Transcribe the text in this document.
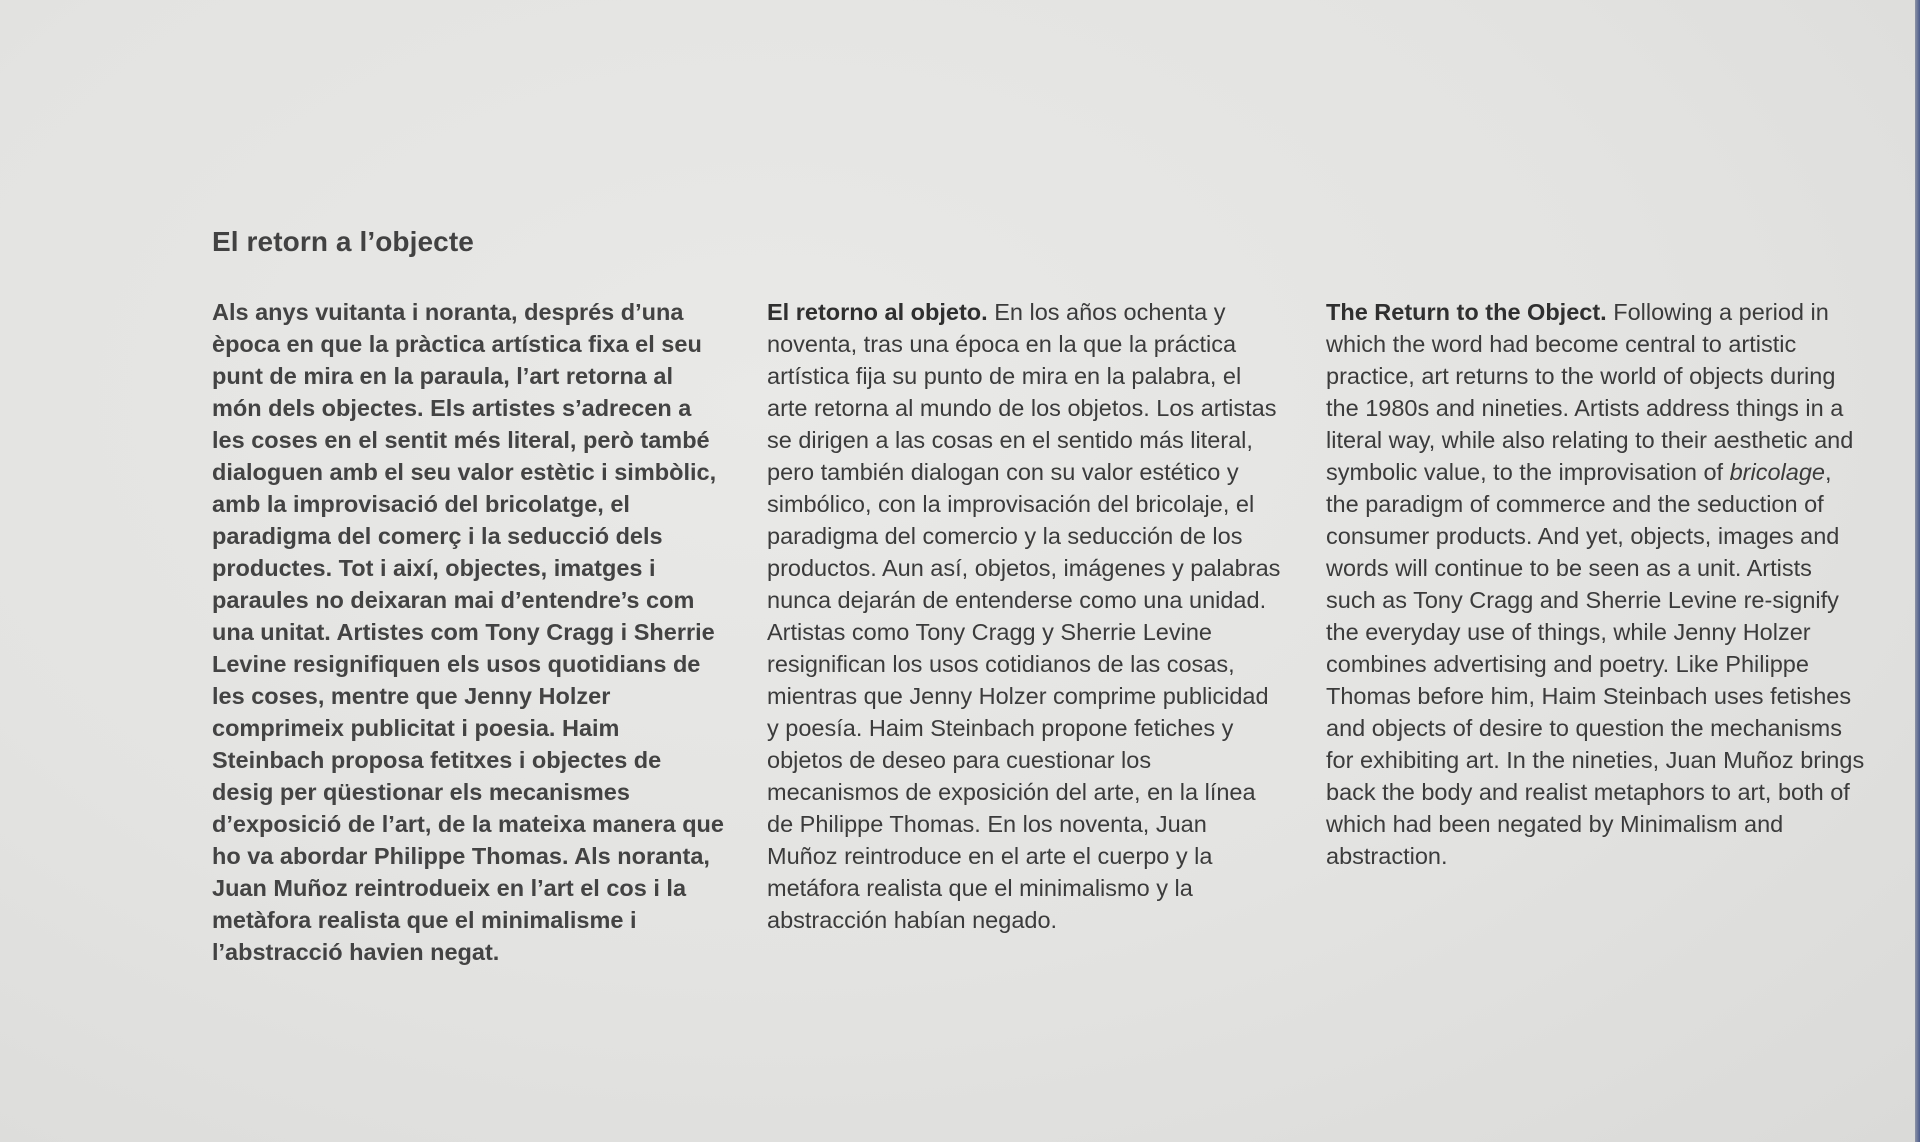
El retorn a l’objecte

Als anys vuitanta i noranta, després d’una època en que la pràctica artística fixa el seu punt de mira en la paraula, l’art retorna al món dels objectes. Els artistes s’adrecen a les coses en el sentit més literal, però també dialoguen amb el seu valor estètic i simbòlic, amb la improvisació del bricolatge, el paradigma del comerç i la seducció dels productes. Tot i així, objectes, imatges i paraules no deixaran mai d’entendre’s com una unitat. Artistes com Tony Cragg i Sherrie Levine resignifiquen els usos quotidians de les coses, mentre que Jenny Holzer comprimeix publicitat i poesia. Haim Steinbach proposa fetitxes i objectes de desig per qüestionar els mecanismes d’exposició de l’art, de la mateixa manera que ho va abordar Philippe Thomas. Als noranta, Juan Muñoz reintrodueix en l’art el cos i la metàfora realista que el minimalisme i l’abstracció havien negat.

El retorno al objeto. En los años ochenta y noventa, tras una época en la que la práctica artística fija su punto de mira en la palabra, el arte retorna al mundo de los objetos. Los artistas se dirigen a las cosas en el sentido más literal, pero también dialogan con su valor estético y simbólico, con la improvisación del bricolaje, el paradigma del comercio y la seducción de los productos. Aun así, objetos, imágenes y palabras nunca dejarán de entenderse como una unidad. Artistas como Tony Cragg y Sherrie Levine resignifican los usos cotidianos de las cosas, mientras que Jenny Holzer comprime publicidad y poesía. Haim Steinbach propone fetiches y objetos de deseo para cuestionar los mecanismos de exposición del arte, en la línea de Philippe Thomas. En los noventa, Juan Muñoz reintroduce en el arte el cuerpo y la metáfora realista que el minimalismo y la abstracción habían negado.

The Return to the Object. Following a period in which the word had become central to artistic practice, art returns to the world of objects during the 1980s and nineties. Artists address things in a literal way, while also relating to their aesthetic and symbolic value, to the improvisation of bricolage, the paradigm of commerce and the seduction of consumer products. And yet, objects, images and words will continue to be seen as a unit. Artists such as Tony Cragg and Sherrie Levine re-signify the everyday use of things, while Jenny Holzer combines advertising and poetry. Like Philippe Thomas before him, Haim Steinbach uses fetishes and objects of desire to question the mechanisms for exhibiting art. In the nineties, Juan Muñoz brings back the body and realist metaphors to art, both of which had been negated by Minimalism and abstraction.
